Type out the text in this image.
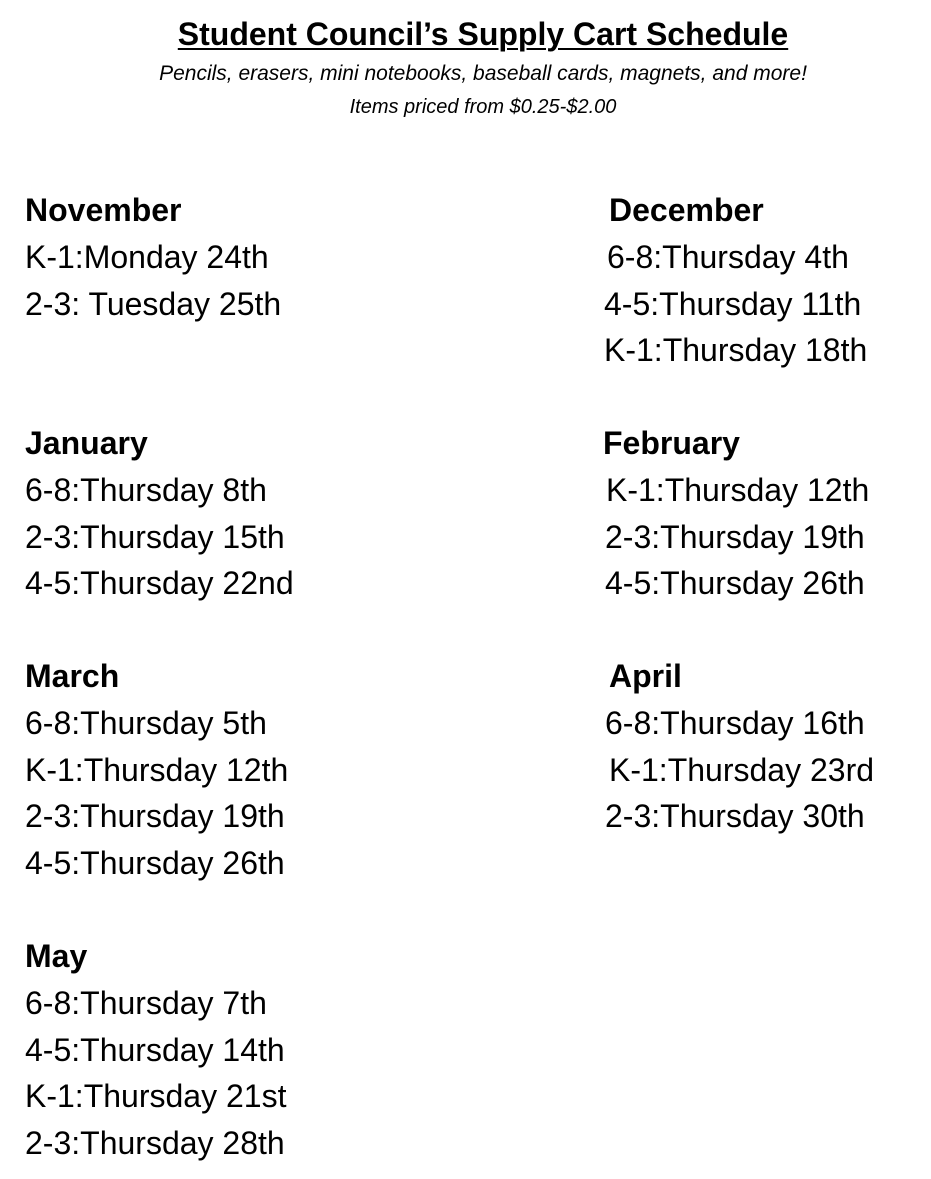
Student Council’s Supply Cart Schedule

Pencils, erasers, mini notebooks, baseball cards, magnets, and more!

Items priced from $0.25-$2.00

November
K-1:Monday 24th
2-3: Tuesday 25th
December
6-8:Thursday 4th
4-5:Thursday 11th
K-1:Thursday 18th
January
6-8:Thursday 8th
2-3:Thursday 15th
4-5:Thursday 22nd
February
K-1:Thursday 12th
2-3:Thursday 19th
4-5:Thursday 26th
March
6-8:Thursday 5th
K-1:Thursday 12th
2-3:Thursday 19th
4-5:Thursday 26th
April
6-8:Thursday 16th
K-1:Thursday 23rd
2-3:Thursday 30th
May
6-8:Thursday 7th
4-5:Thursday 14th
K-1:Thursday 21st
2-3:Thursday 28th
